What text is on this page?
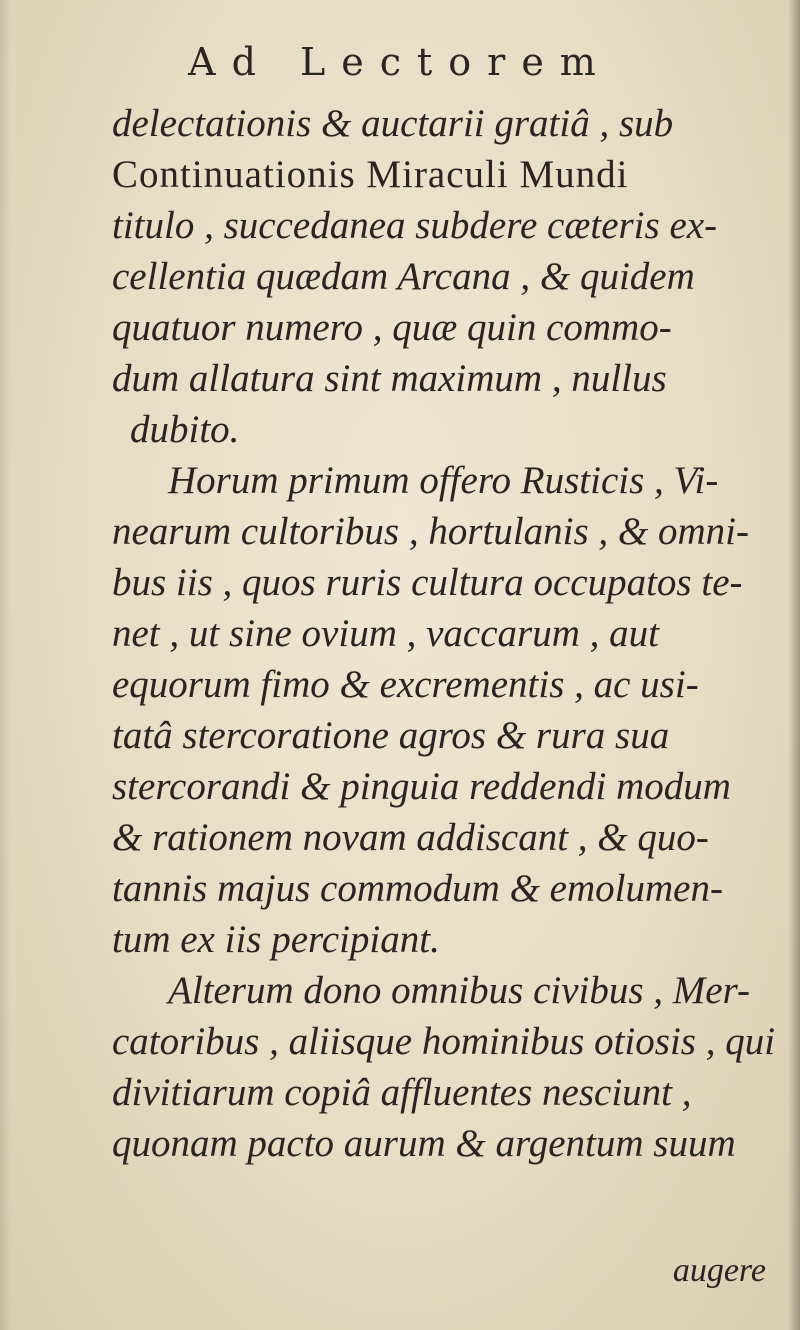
Ad Lectorem
delectationis & auctarii gratiâ , sub
Continuationis Miraculi Mundi
titulo , succedanea subdere cæteris ex-
cellentia quædam Arcana , & quidem
quatuor numero , quæ quin commo-
dum allatura sint maximum , nullus
dubito.
Horum primum offero Rusticis , Vi-
nearum cultoribus , hortulanis , & omni-
bus iis , quos ruris cultura occupatos te-
net , ut sine ovium , vaccarum , aut
equorum fimo & excrementis , ac usi-
tatâ stercoratione agros & rura sua
stercorandi & pinguia reddendi modum
& rationem novam addiscant , & quo-
tannis majus commodum & emolumen-
tum ex iis percipiant.
Alterum dono omnibus civibus , Mer-
catoribus , aliisque hominibus otiosis , qui
divitiarum copiâ affluentes nesciunt ,
quonam pacto aurum & argentum suum
augere
